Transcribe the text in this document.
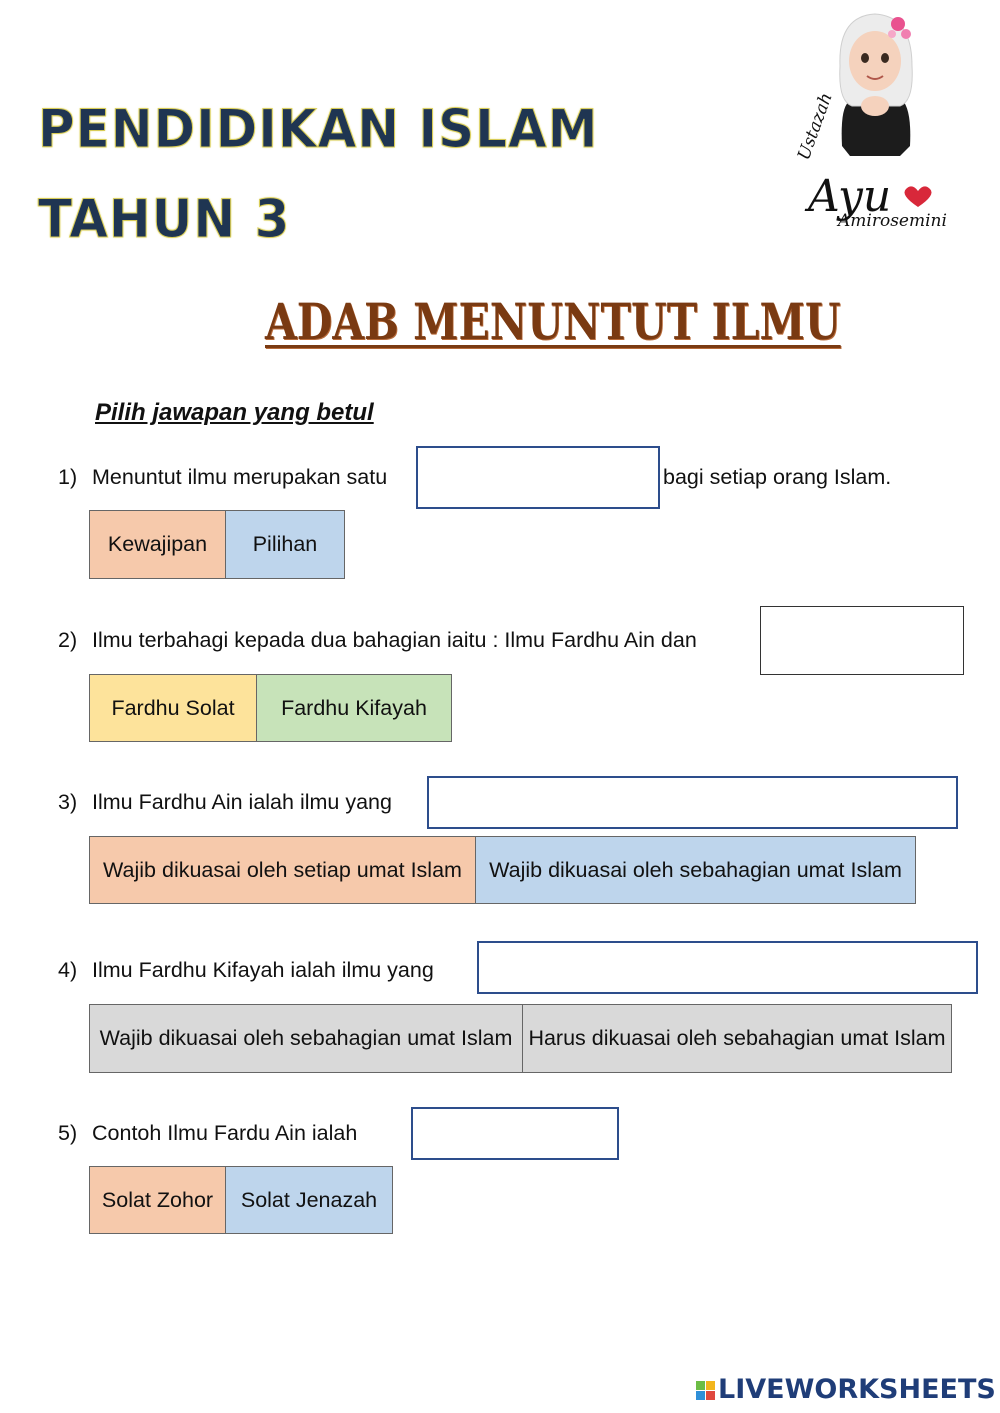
PENDIDIKAN ISLAM
TAHUN 3
Ustazah
Ayu
Amirosemini
ADAB MENUNTUT ILMU
Pilih jawapan yang betul
1) Menuntut ilmu merupakan satu	bagi setiap orang Islam.
Kewajipan	Pilihan
2) Ilmu terbahagi kepada dua bahagian iaitu : Ilmu Fardhu Ain dan
Fardhu Solat	Fardhu Kifayah
3) Ilmu Fardhu Ain ialah ilmu yang
Wajib dikuasai oleh setiap umat Islam	Wajib dikuasai oleh sebahagian umat Islam
4) Ilmu Fardhu Kifayah ialah ilmu yang
Wajib dikuasai oleh sebahagian umat Islam Harus dikuasai oleh sebahagian umat Islam
5) Contoh Ilmu Fardu Ain ialah
Solat Zohor	Solat Jenazah
LIVEWORKSHEETS
